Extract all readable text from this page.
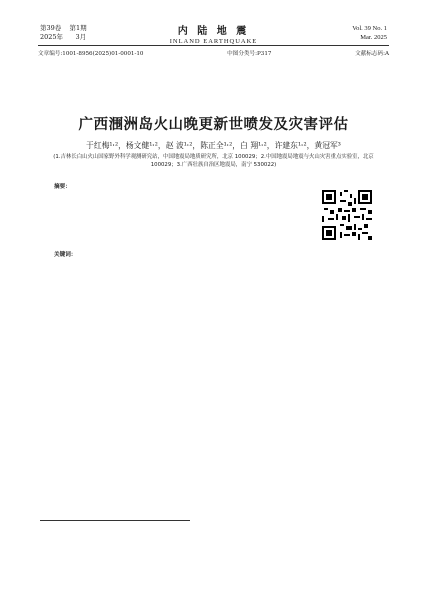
第39卷 第1期
2025年 3月	内 陆 地 震
INLAND EARTHQUAKE
Vol. 39 No. 1
Mar. 2025
文章编号:1001-8956(2025)01-0001-10	中图分类号:P317	文献标志码:A
广西涠洲岛火山晚更新世喷发及灾害评估
于红梅¹˒²，杨文健¹˒²，赵 波¹˒²，陈正全¹˒²，白 翔¹˒²，许建东¹˒²，黄冠军³
(1.吉林长白山火山国家野外科学观测研究站，中国地震局地质研究所，北京 100029；2.中国地震局地震与火山灾害重点实验室，北京 100029；3.广西壮族自治区地震局，南宁 530022)
摘要：
关键词：
